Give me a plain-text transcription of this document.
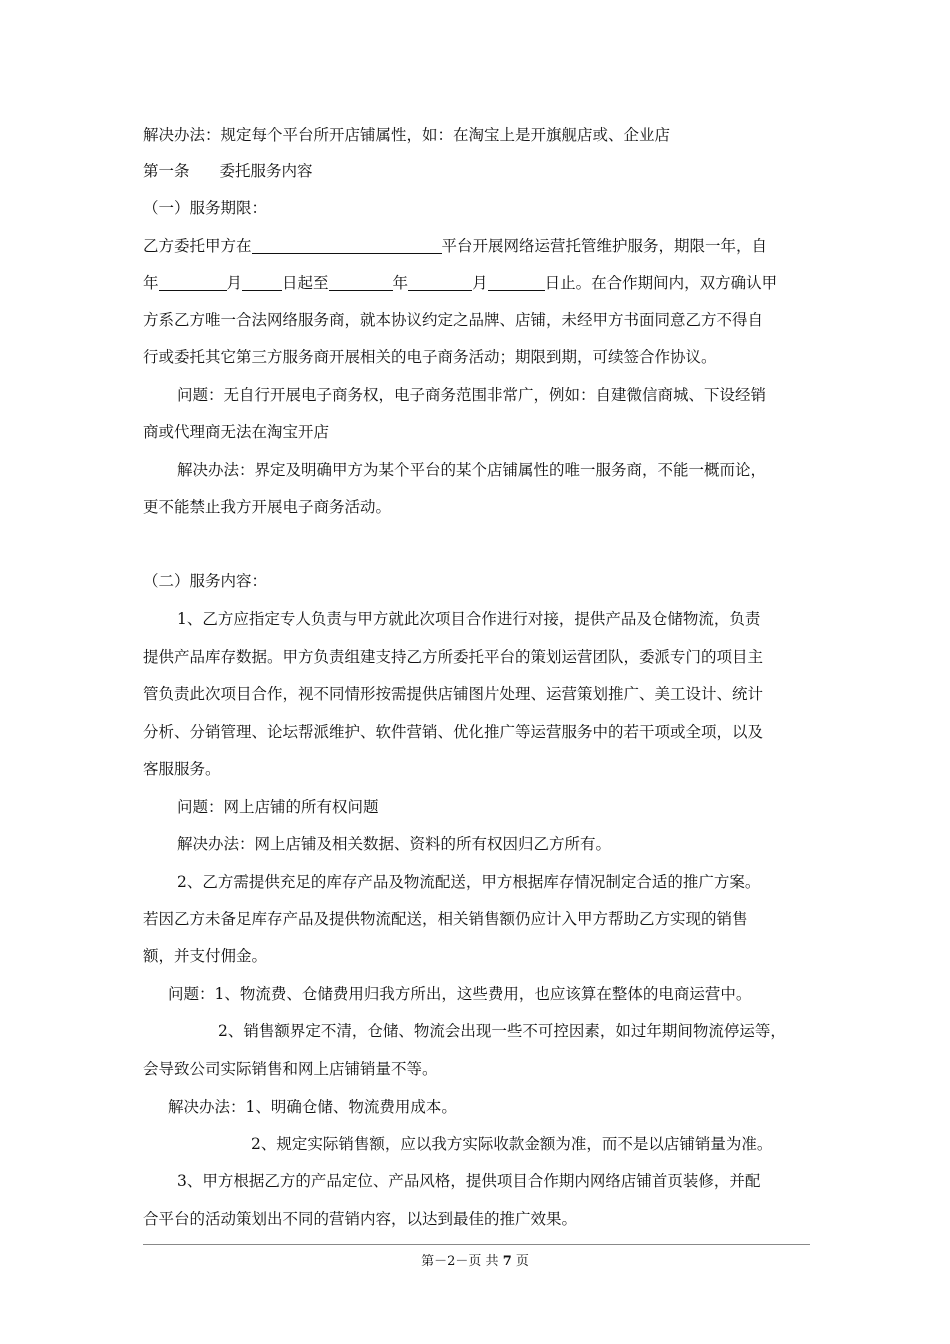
解决办法：规定每个平台所开店铺属性，如：在淘宝上是开旗舰店或、企业店
第一条 委托服务内容
（一）服务期限：
乙方委托甲方在	平台开展网络运营托管维护服务，期限一年，自
年	月	日起至	年	月	日止。在合作期间内，双方确认甲
方系乙方唯一合法网络服务商，就本协议约定之品牌、店铺，未经甲方书面同意乙方不得自
行或委托其它第三方服务商开展相关的电子商务活动；期限到期，可续签合作协议。
问题：无自行开展电子商务权，电子商务范围非常广，例如：自建微信商城、下设经销
商或代理商无法在淘宝开店
解决办法：界定及明确甲方为某个平台的某个店铺属性的唯一服务商，不能一概而论，
更不能禁止我方开展电子商务活动。
（二）服务内容：
1、乙方应指定专人负责与甲方就此次项目合作进行对接，提供产品及仓储物流，负责
提供产品库存数据。甲方负责组建支持乙方所委托平台的策划运营团队，委派专门的项目主
管负责此次项目合作，视不同情形按需提供店铺图片处理、运营策划推广、美工设计、统计
分析、分销管理、论坛帮派维护、软件营销、优化推广等运营服务中的若干项或全项，以及
客服服务。
问题：网上店铺的所有权问题
解决办法：网上店铺及相关数据、资料的所有权因归乙方所有。
2、乙方需提供充足的库存产品及物流配送，甲方根据库存情况制定合适的推广方案。
若因乙方未备足库存产品及提供物流配送，相关销售额仍应计入甲方帮助乙方实现的销售
额，并支付佣金。
问题：1、物流费、仓储费用归我方所出，这些费用，也应该算在整体的电商运营中。
2、销售额界定不清，仓储、物流会出现一些不可控因素，如过年期间物流停运等，
会导致公司实际销售和网上店铺销量不等。
解决办法：1、明确仓储、物流费用成本。
2、规定实际销售额，应以我方实际收款金额为准，而不是以店铺销量为准。
3、甲方根据乙方的产品定位、产品风格，提供项目合作期内网络店铺首页装修，并配
合平台的活动策划出不同的营销内容，以达到最佳的推广效果。
第－2－页 共 7 页
